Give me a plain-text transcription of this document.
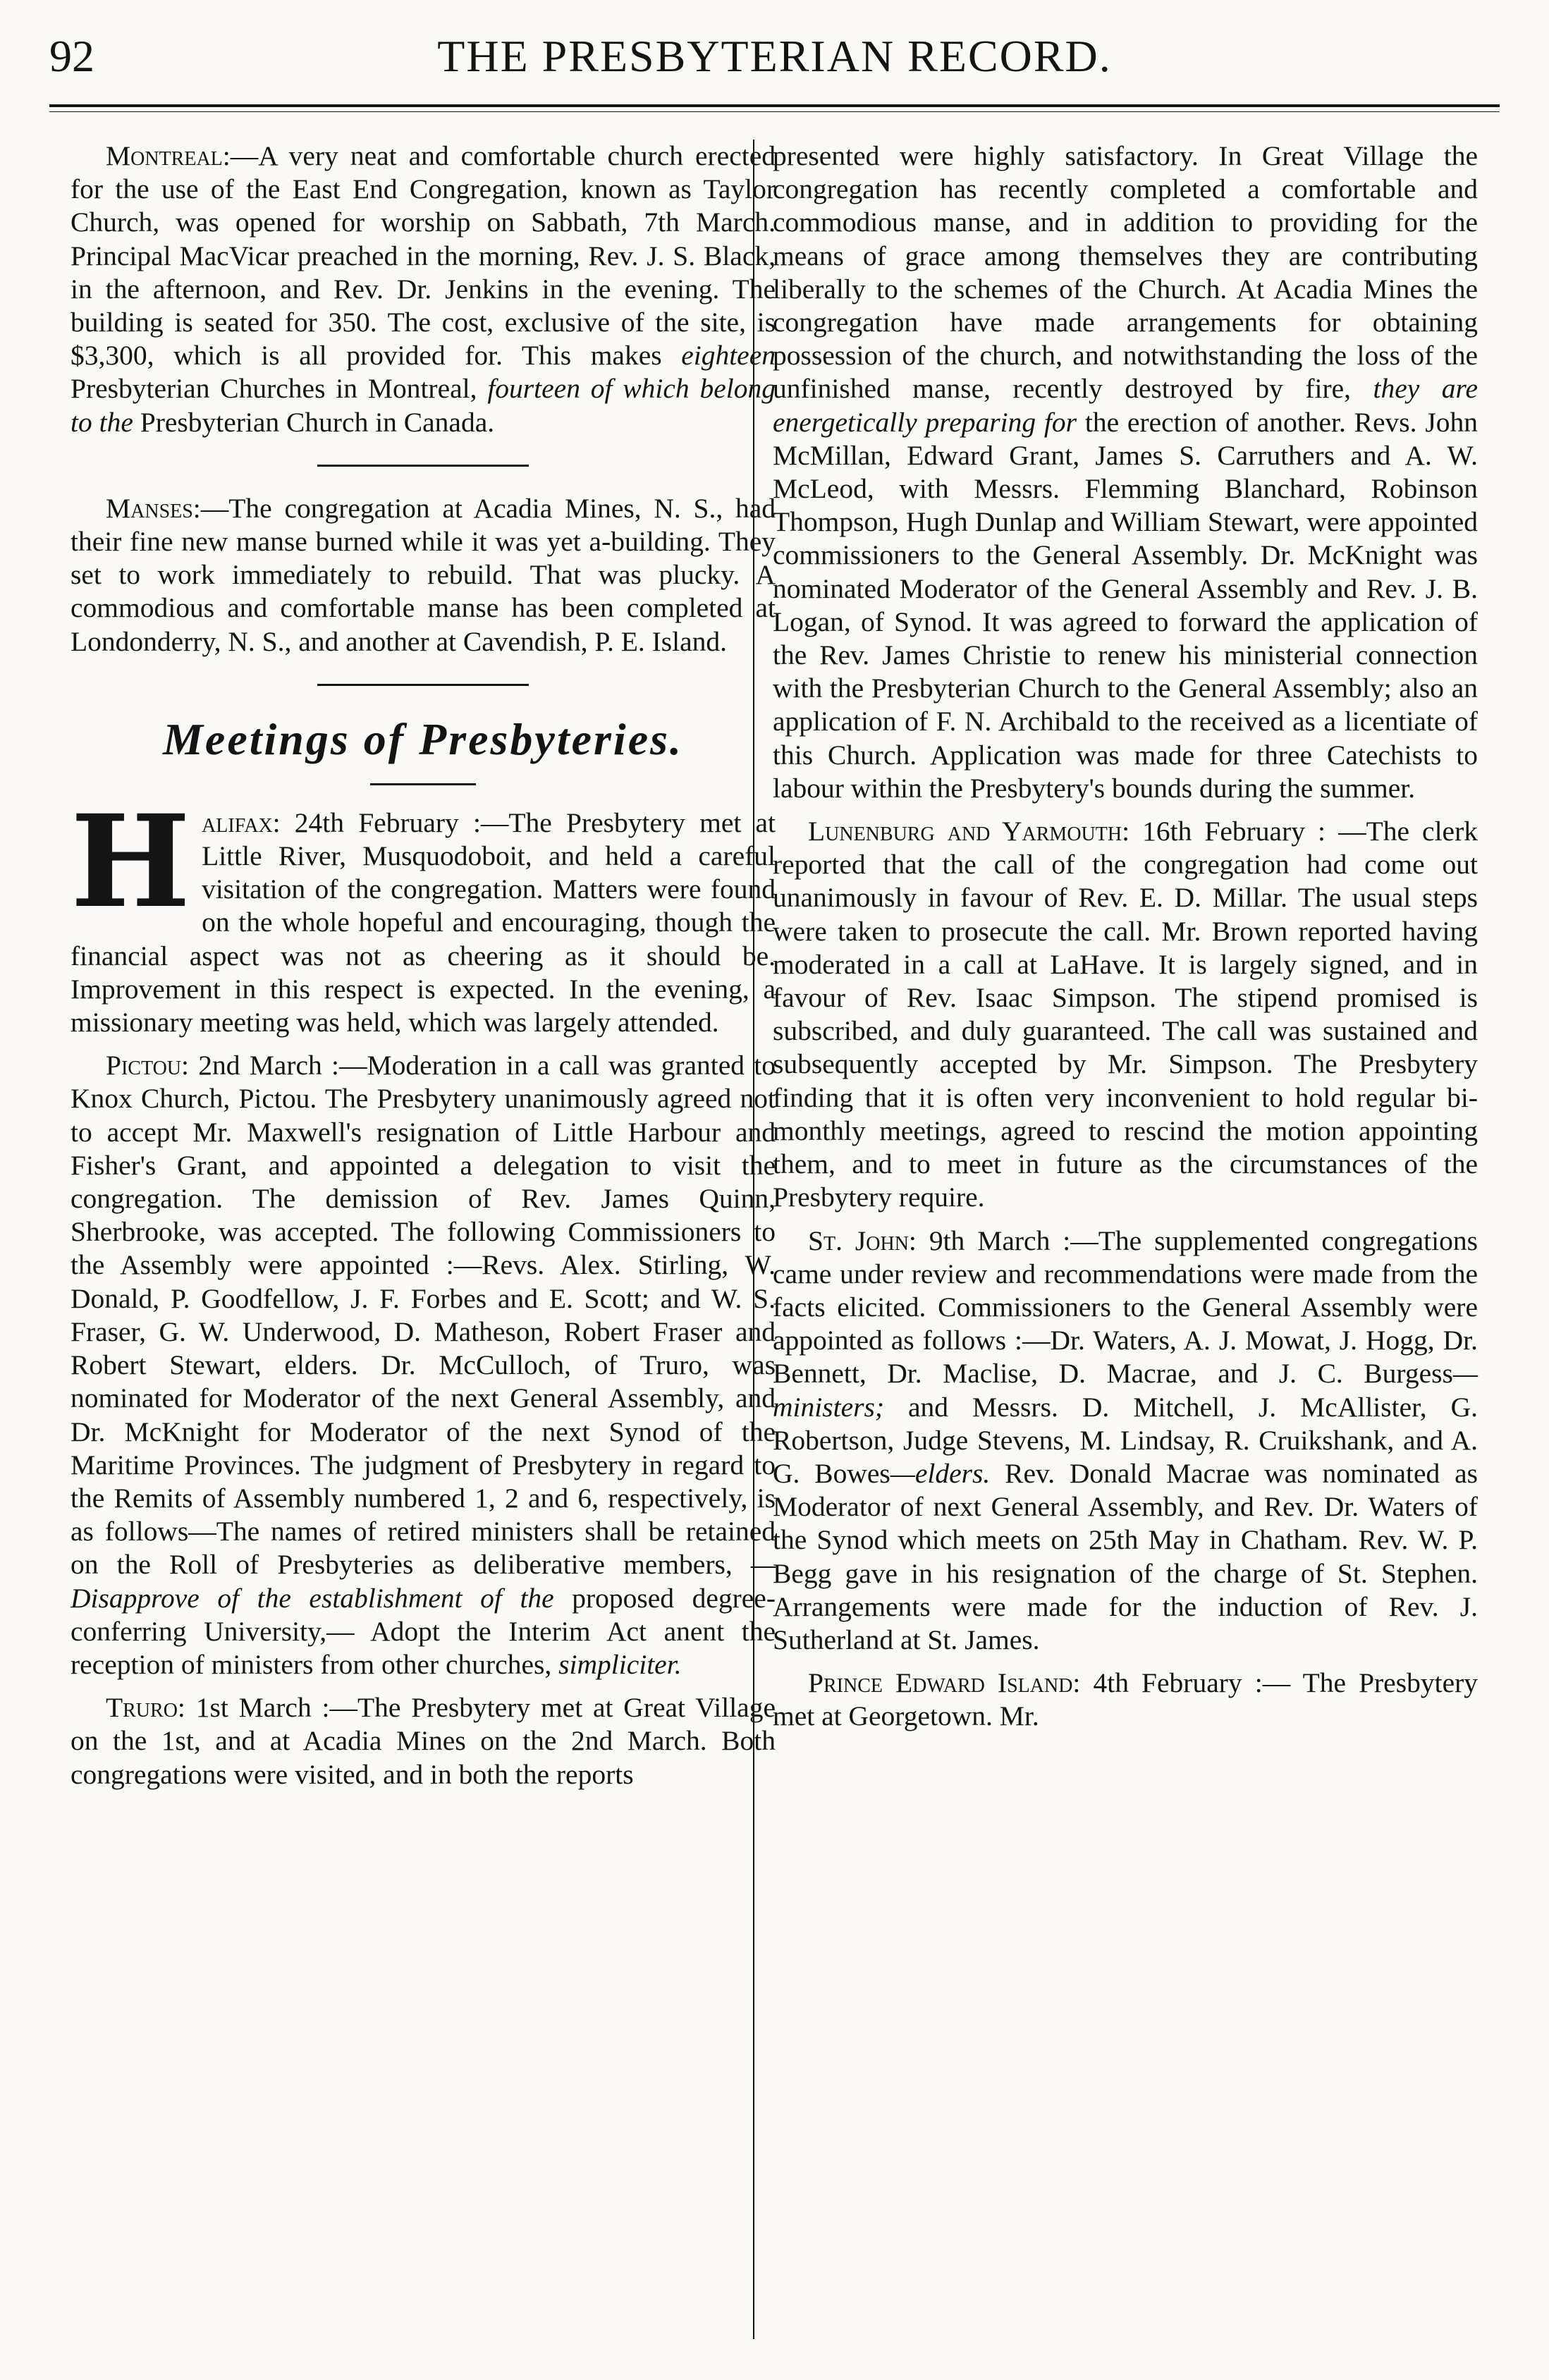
92	THE PRESBYTERIAN RECORD.

Montreal:—A very neat and comfortable church erected for the use of the East End Congregation, known as Taylor Church, was opened for worship on Sabbath, 7th March. Principal MacVicar preached in the morning, Rev. J. S. Black, in the afternoon, and Rev. Dr. Jenkins in the evening. The building is seated for 350. The cost, exclusive of the site, is $3,300, which is all provided for. This makes eighteen Presbyterian Churches in Montreal, fourteen of which belong to the Presbyterian Church in Canada.

Manses:—The congregation at Acadia Mines, N. S., had their fine new manse burned while it was yet a-building. They set to work immediately to rebuild. That was plucky. A commodious and comfortable manse has been completed at Londonderry, N. S., and another at Cavendish, P. E. Island.

Meetings of Presbyteries.

Halifax: 24th February :—The Presbytery met at Little River, Musquodoboit, and held a careful visitation of the congregation. Matters were found on the whole hopeful and encouraging, though the financial aspect was not as cheering as it should be. Improvement in this respect is expected. In the evening, a missionary meeting was held, which was largely attended.

Pictou: 2nd March :—Moderation in a call was granted to Knox Church, Pictou. The Presbytery unanimously agreed not to accept Mr. Maxwell's resignation of Little Harbour and Fisher's Grant, and appointed a delegation to visit the congregation. The demission of Rev. James Quinn, Sherbrooke, was accepted. The following Commissioners to the Assembly were appointed :—Revs. Alex. Stirling, W. Donald, P. Goodfellow, J. F. Forbes and E. Scott; and W. S. Fraser, G. W. Underwood, D. Matheson, Robert Fraser and Robert Stewart, elders. Dr. McCulloch, of Truro, was nominated for Moderator of the next General Assembly, and Dr. McKnight for Moderator of the next Synod of the Maritime Provinces. The judgment of Presbytery in regard to the Remits of Assembly numbered 1, 2 and 6, respectively, is as follows—The names of retired ministers shall be retained on the Roll of Presbyteries as deliberative members, —Disapprove of the establishment of the proposed degree-conferring University,— Adopt the Interim Act anent the reception of ministers from other churches, simpliciter.

Truro: 1st March :—The Presbytery met at Great Village on the 1st, and at Acadia Mines on the 2nd March. Both congregations were visited, and in both the reports

presented were highly satisfactory. In Great Village the congregation has recently completed a comfortable and commodious manse, and in addition to providing for the means of grace among themselves they are contributing liberally to the schemes of the Church. At Acadia Mines the congregation have made arrangements for obtaining possession of the church, and notwithstanding the loss of the unfinished manse, recently destroyed by fire, they are energetically preparing for the erection of another. Revs. John McMillan, Edward Grant, James S. Carruthers and A. W. McLeod, with Messrs. Flemming Blanchard, Robinson Thompson, Hugh Dunlap and William Stewart, were appointed commissioners to the General Assembly. Dr. McKnight was nominated Moderator of the General Assembly and Rev. J. B. Logan, of Synod. It was agreed to forward the application of the Rev. James Christie to renew his ministerial connection with the Presbyterian Church to the General Assembly; also an application of F. N. Archibald to the received as a licentiate of this Church. Application was made for three Catechists to labour within the Presbytery's bounds during the summer.

Lunenburg and Yarmouth: 16th February : —The clerk reported that the call of the congregation had come out unanimously in favour of Rev. E. D. Millar. The usual steps were taken to prosecute the call. Mr. Brown reported having moderated in a call at LaHave. It is largely signed, and in favour of Rev. Isaac Simpson. The stipend promised is subscribed, and duly guaranteed. The call was sustained and subsequently accepted by Mr. Simpson. The Presbytery finding that it is often very inconvenient to hold regular bi-monthly meetings, agreed to rescind the motion appointing them, and to meet in future as the circumstances of the Presbytery require.

St. John: 9th March :—The supplemented congregations came under review and recommendations were made from the facts elicited. Commissioners to the General Assembly were appointed as follows :—Dr. Waters, A. J. Mowat, J. Hogg, Dr. Bennett, Dr. Maclise, D. Macrae, and J. C. Burgess—ministers; and Messrs. D. Mitchell, J. McAllister, G. Robertson, Judge Stevens, M. Lindsay, R. Cruikshank, and A. G. Bowes—elders. Rev. Donald Macrae was nominated as Moderator of next General Assembly, and Rev. Dr. Waters of the Synod which meets on 25th May in Chatham. Rev. W. P. Begg gave in his resignation of the charge of St. Stephen. Arrangements were made for the induction of Rev. J. Sutherland at St. James.

Prince Edward Island: 4th February :— The Presbytery met at Georgetown. Mr.
